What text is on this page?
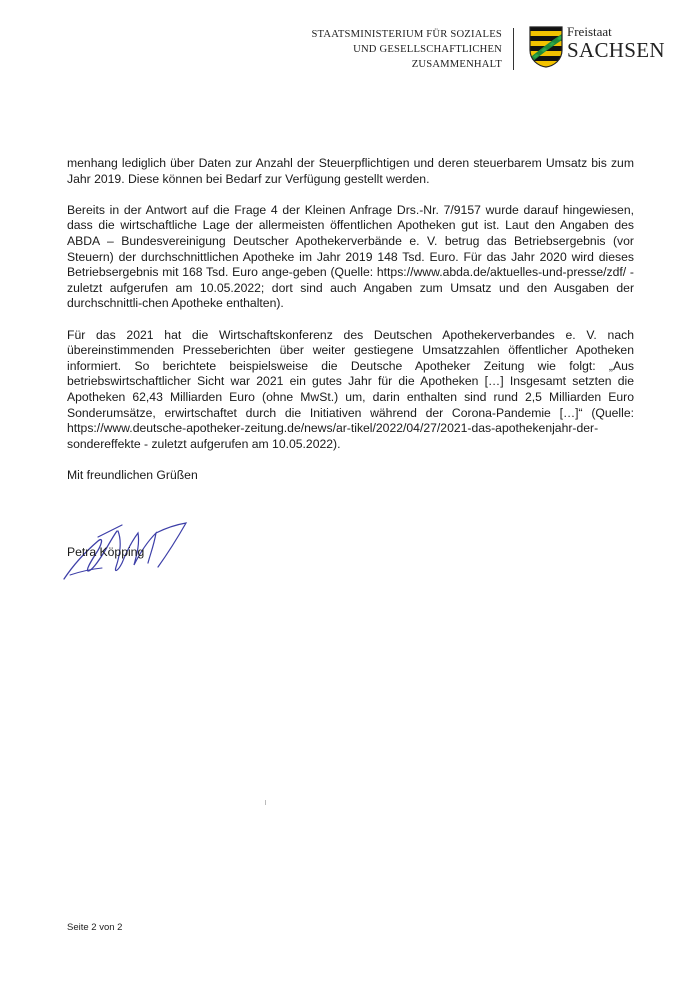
STAATSMINISTERIUM FÜR SOZIALES
UND GESELLSCHAFTLICHEN
ZUSAMMENHALT
Freistaat
SACHSEN

menhang lediglich über Daten zur Anzahl der Steuerpflichtigen und deren steuerbarem Umsatz bis zum Jahr 2019. Diese können bei Bedarf zur Verfügung gestellt werden.

Bereits in der Antwort auf die Frage 4 der Kleinen Anfrage Drs.-Nr. 7/9157 wurde darauf hingewiesen, dass die wirtschaftliche Lage der allermeisten öffentlichen Apotheken gut ist. Laut den Angaben des ABDA – Bundesvereinigung Deutscher Apothekerverbände e. V. betrug das Betriebsergebnis (vor Steuern) der durchschnittlichen Apotheke im Jahr 2019 148 Tsd. Euro. Für das Jahr 2020 wird dieses Betriebsergebnis mit 168 Tsd. Euro ange-geben (Quelle: https://www.abda.de/aktuelles-und-presse/zdf/ - zuletzt aufgerufen am 10.05.2022; dort sind auch Angaben zum Umsatz und den Ausgaben der durchschnittli-chen Apotheke enthalten).

Für das 2021 hat die Wirtschaftskonferenz des Deutschen Apothekerverbandes e. V. nach übereinstimmenden Presseberichten über weiter gestiegene Umsatzzahlen öffentlicher Apotheken informiert. So berichtete beispielsweise die Deutsche Apotheker Zeitung wie folgt: „Aus betriebswirtschaftlicher Sicht war 2021 ein gutes Jahr für die Apotheken […] Insgesamt setzten die Apotheken 62,43 Milliarden Euro (ohne MwSt.) um, darin enthalten sind rund 2,5 Milliarden Euro Sonderumsätze, erwirtschaftet durch die Initiativen während der Corona-Pandemie […]“ (Quelle: https://www.deutsche-apotheker-zeitung.de/news/ar-tikel/2022/04/27/2021-das-apothekenjahr-der-sondereffekte - zuletzt aufgerufen am 10.05.2022).

Mit freundlichen Grüßen

Petra Köpping
Seite 2 von 2
